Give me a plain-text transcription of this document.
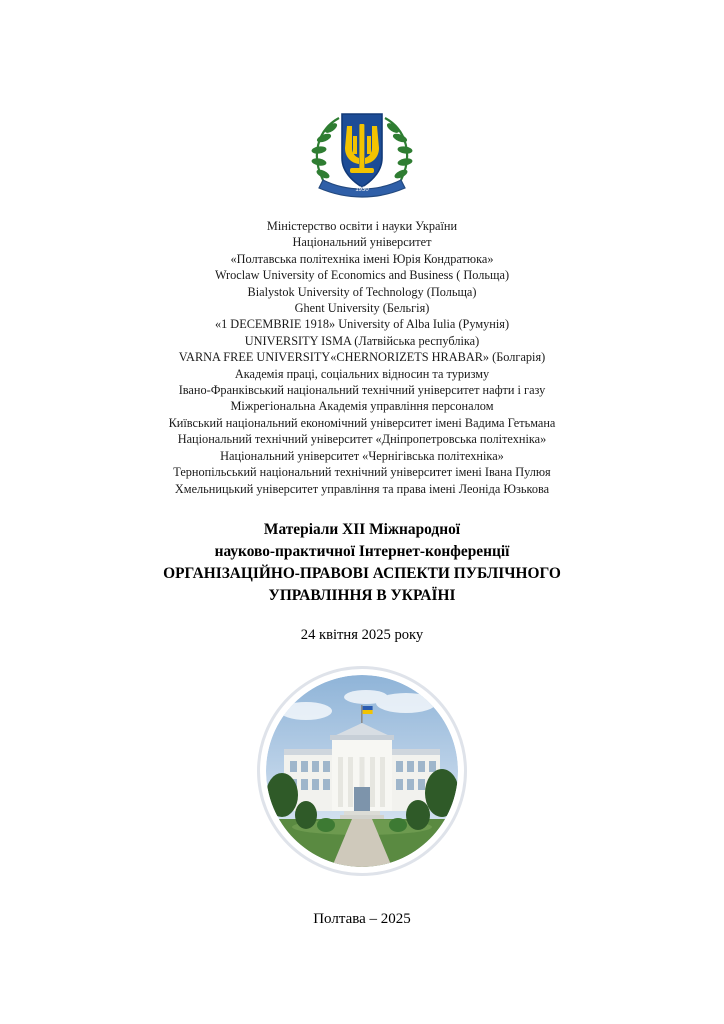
1930
Міністерство освіти і науки України
Національний університет
«Полтавська політехніка імені Юрія Кондратюка»
Wroclaw University of Economics and Business ( Польща)
Bialystok University of Technology (Польща)
Ghent University (Бельгія)
«1 DECEMBRIE 1918» University of Alba Iulia (Румунія)
UNIVERSITY ISMA (Латвійська республіка)
VARNA FREE UNIVERSITY«CHERNORIZETS HRABAR» (Болгарія)
Академія праці, соціальних відносин та туризму
Івано-Франківський національний технічний університет нафти і газу
Міжрегіональна Академія управління персоналом
Київський національний економічний університет імені Вадима Гетьмана
Національний технічний університет «Дніпропетровська політехніка»
Національний університет «Чернігівська політехніка»
Тернопільський національний технічний університет імені Івана Пулюя
Хмельницький університет управління та права імені Леоніда Юзькова
Матеріали XII Міжнародної
науково-практичної Інтернет-конференції
ОРГАНІЗАЦІЙНО-ПРАВОВІ АСПЕКТИ ПУБЛІЧНОГО
УПРАВЛІННЯ В УКРАЇНІ
24 квітня 2025 року
Полтава – 2025
